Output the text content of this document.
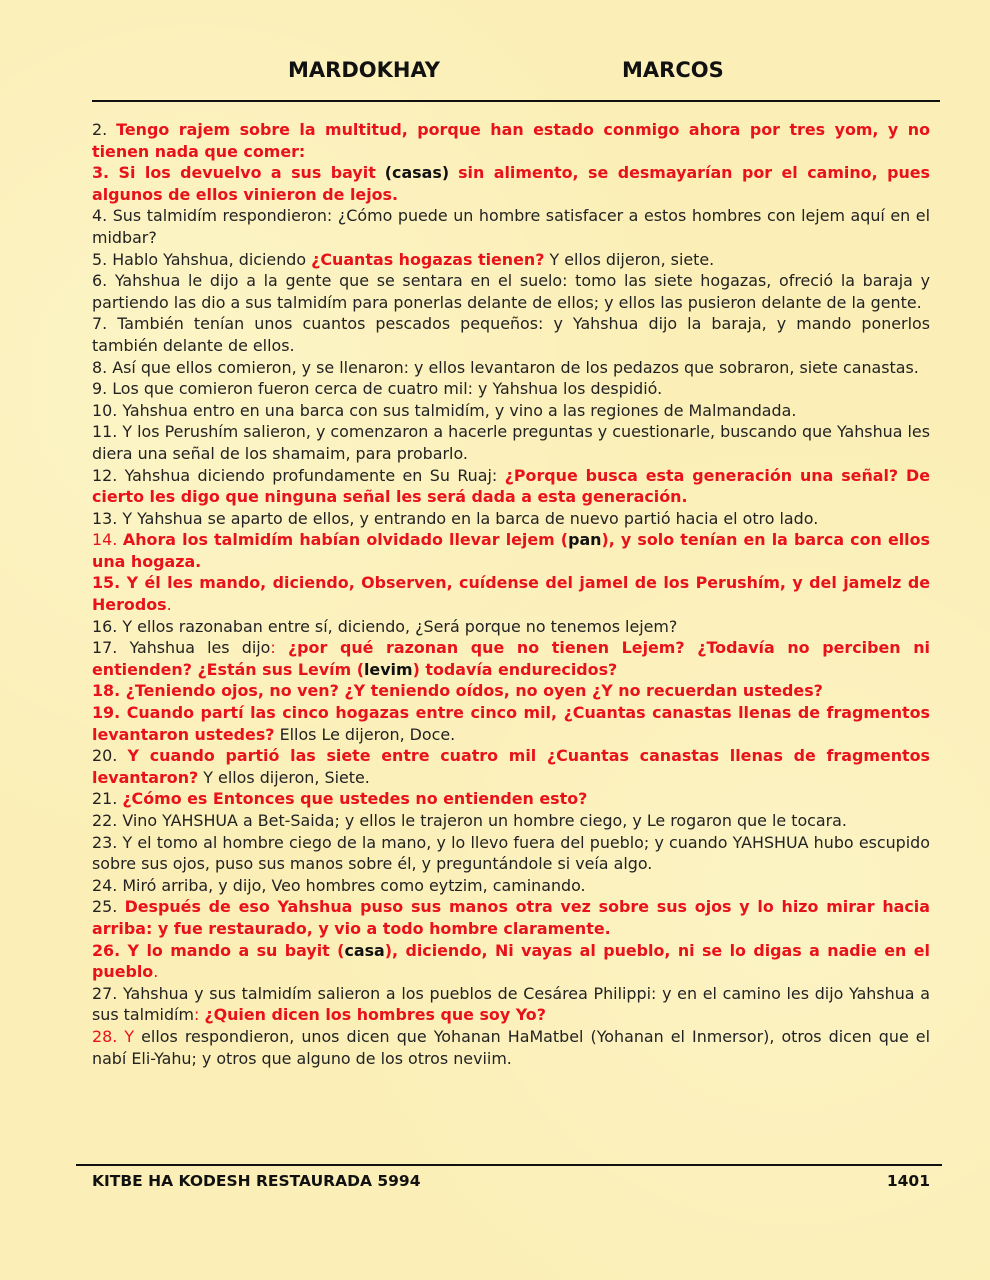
MARDOKHAY	MARCOS

2. Tengo rajem sobre la multitud, porque han estado conmigo ahora por tres yom, y no tienen nada que comer:

3. Si los devuelvo a sus bayit (casas) sin alimento, se desmayarían por el camino, pues algunos de ellos vinieron de lejos.

4. Sus talmidím respondieron: ¿Cómo puede un hombre satisfacer a estos hombres con lejem aquí en el midbar?

5. Hablo Yahshua, diciendo ¿Cuantas hogazas tienen? Y ellos dijeron, siete.

6. Yahshua le dijo a la gente que se sentara en el suelo: tomo las siete hogazas, ofreció la baraja y partiendo las dio a sus talmidím para ponerlas delante de ellos; y ellos las pusieron delante de la gente.

7. También tenían unos cuantos pescados pequeños: y Yahshua dijo la baraja, y mando ponerlos también delante de ellos.

8. Así que ellos comieron, y se llenaron: y ellos levantaron de los pedazos que sobraron, siete canastas.

9. Los que comieron fueron cerca de cuatro mil: y Yahshua los despidió.

10. Yahshua entro en una barca con sus talmidím, y vino a las regiones de Malmandada.

11. Y los Perushím salieron, y comenzaron a hacerle preguntas y cuestionarle, buscando que Yahshua les diera una señal de los shamaim, para probarlo.

12. Yahshua diciendo profundamente en Su Ruaj: ¿Porque busca esta generación una señal? De cierto les digo que ninguna señal les será dada a esta generación.

13. Y Yahshua se aparto de ellos, y entrando en la barca de nuevo partió hacia el otro lado.

14. Ahora los talmidím habían olvidado llevar lejem (pan), y solo tenían en la barca con ellos una hogaza.

15. Y él les mando, diciendo, Observen, cuídense del jamel de los Perushím, y del jamelz de Herodos.

16. Y ellos razonaban entre sí, diciendo, ¿Será porque no tenemos lejem?

17. Yahshua les dijo: ¿por qué razonan que no tienen Lejem? ¿Todavía no perciben ni entienden? ¿Están sus Levím (levim) todavía endurecidos?

18. ¿Teniendo ojos, no ven? ¿Y teniendo oídos, no oyen ¿Y no recuerdan ustedes?

19. Cuando partí las cinco hogazas entre cinco mil, ¿Cuantas canastas llenas de fragmentos levantaron ustedes? Ellos Le dijeron, Doce.

20. Y cuando partió las siete entre cuatro mil ¿Cuantas canastas llenas de fragmentos levantaron? Y ellos dijeron, Siete.

21. ¿Cómo es Entonces que ustedes no entienden esto?

22. Vino YAHSHUA a Bet-Saida; y ellos le trajeron un hombre ciego, y Le rogaron que le tocara.

23. Y el tomo al hombre ciego de la mano, y lo llevo fuera del pueblo; y cuando YAHSHUA hubo escupido sobre sus ojos, puso sus manos sobre él, y preguntándole si veía algo.

24. Miró arriba, y dijo, Veo hombres como eytzim, caminando.

25. Después de eso Yahshua puso sus manos otra vez sobre sus ojos y lo hizo mirar hacia arriba: y fue restaurado, y vio a todo hombre claramente.

26. Y lo mando a su bayit (casa), diciendo, Ni vayas al pueblo, ni se lo digas a nadie en el pueblo.

27. Yahshua y sus talmidím salieron a los pueblos de Cesárea Philippi: y en el camino les dijo Yahshua a sus talmidím: ¿Quien dicen los hombres que soy Yo?

28. Y ellos respondieron, unos dicen que Yohanan HaMatbel (Yohanan el Inmersor), otros dicen que el nabí Eli-Yahu; y otros que alguno de los otros neviim.

KITBE HA KODESH RESTAURADA 5994	1401
